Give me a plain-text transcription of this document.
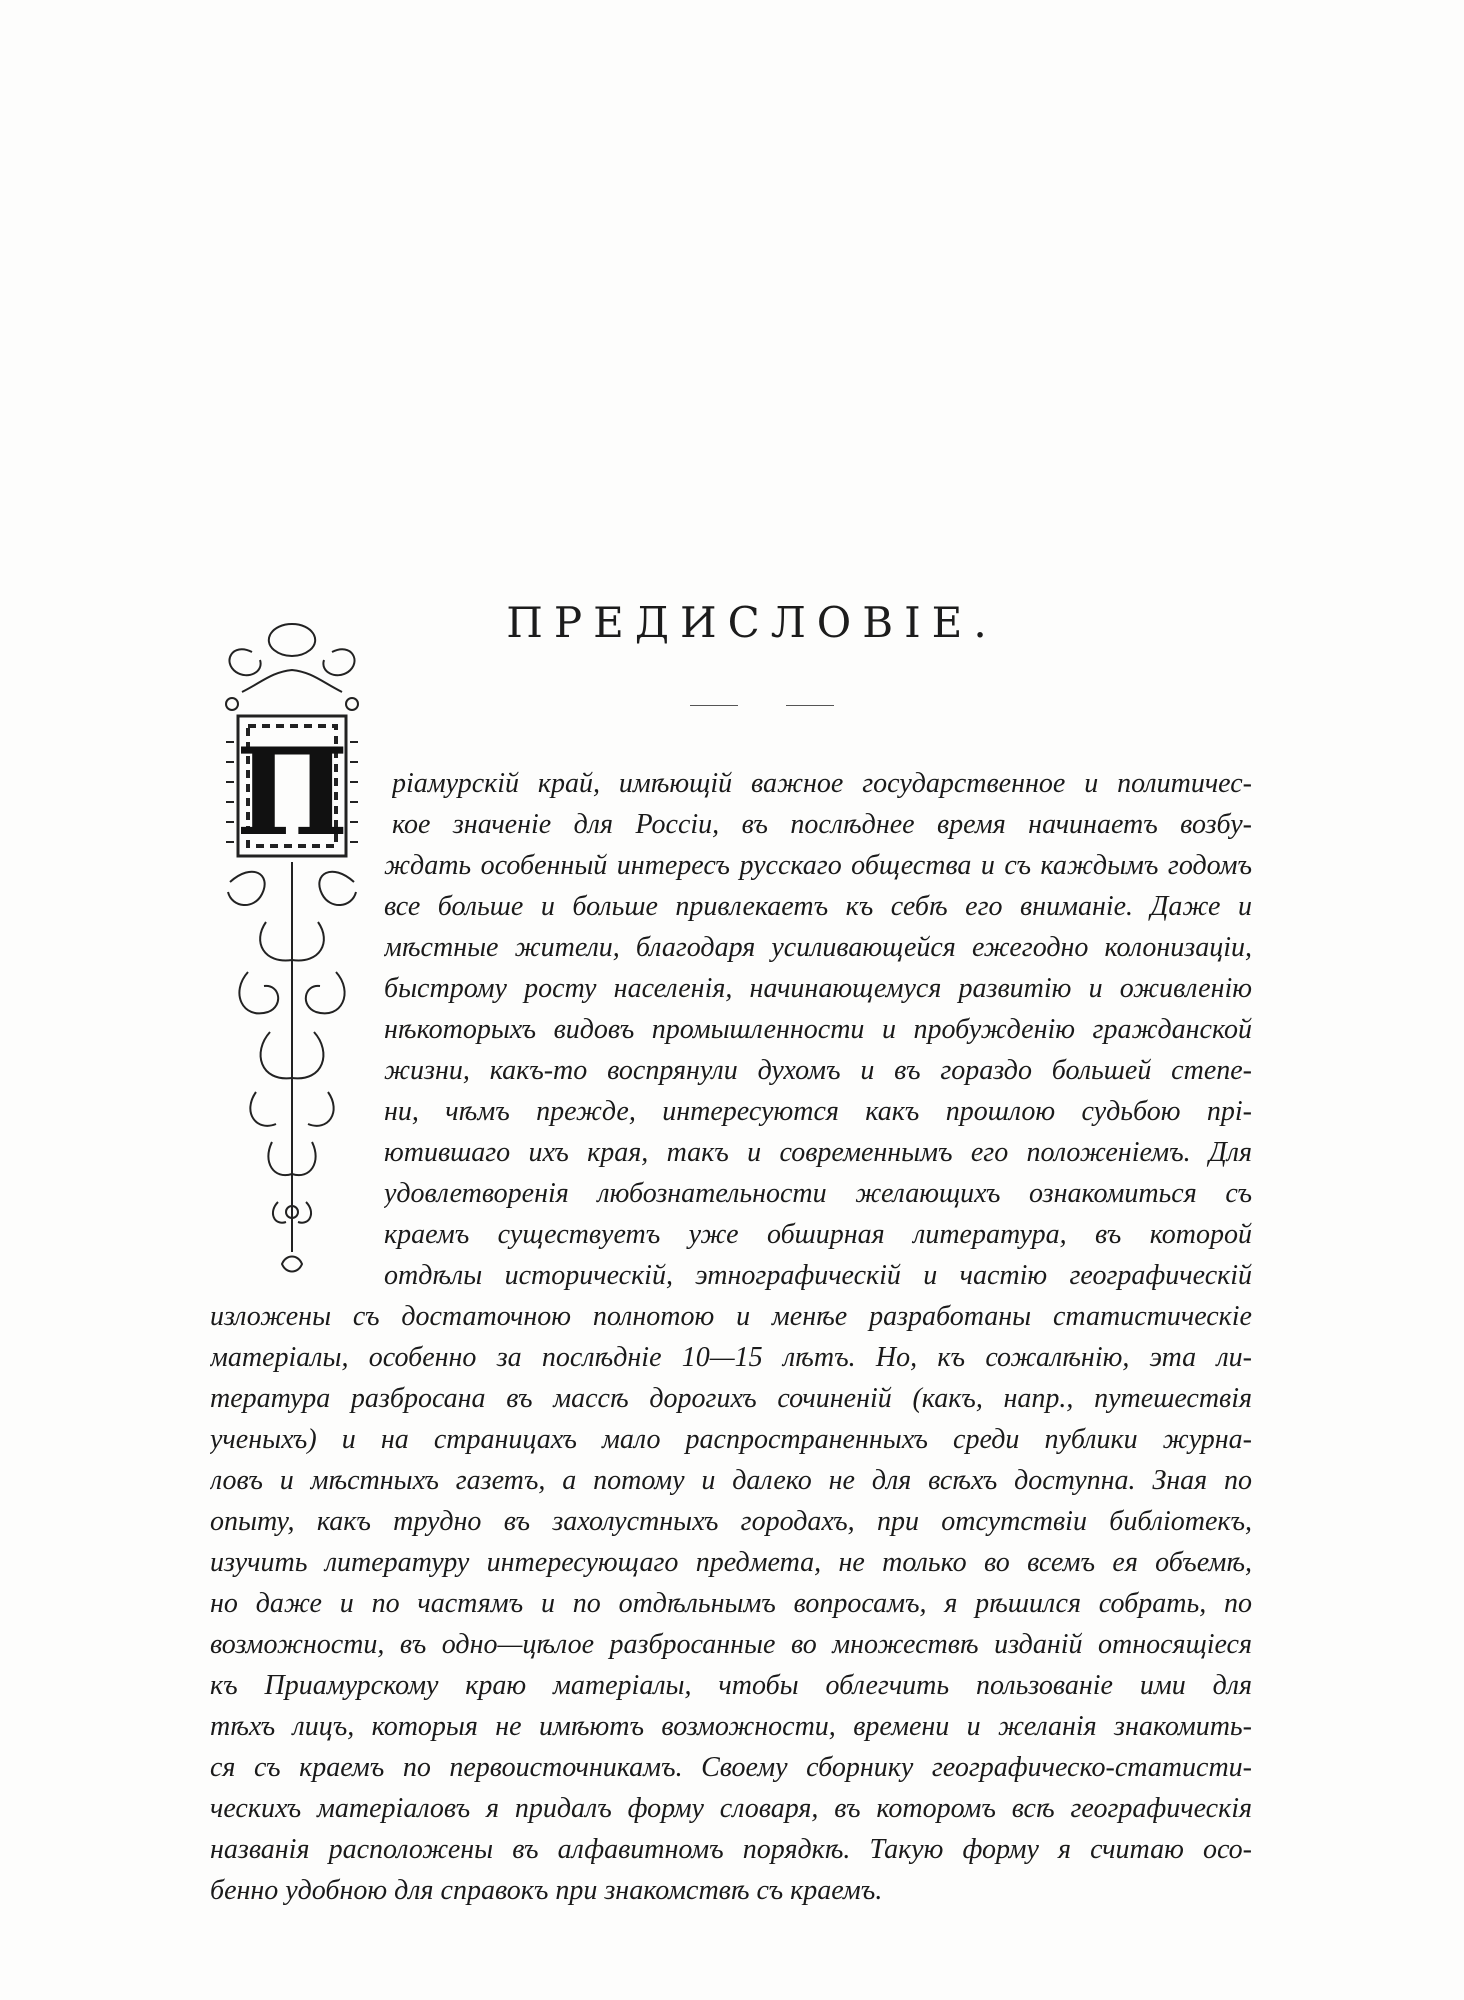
ПРЕДИСЛОВІЕ.
П ріамурскій край, имѣющій важное государственное и политичес-
кое значеніе для Россіи, въ послѣднее время начинаетъ возбу-
ждать особенный интересъ русскаго общества и съ каждымъ годомъ
все больше и больше привлекаетъ къ себѣ его вниманіе. Даже и
мѣстные жители, благодаря усиливающейся ежегодно колонизаціи,
быстрому росту населенія, начинающемуся развитію и оживленію
нѣкоторыхъ видовъ промышленности и пробужденію гражданской
жизни, какъ-то воспрянули духомъ и въ гораздо большей степе-
ни, чѣмъ прежде, интересуются какъ прошлою судьбою прі-
ютившаго ихъ края, такъ и современнымъ его положеніемъ. Для
удовлетворенія любознательности желающихъ ознакомиться съ
краемъ существуетъ уже обширная литература, въ которой
отдѣлы историческій, этнографическій и частію географическій
изложены съ достаточною полнотою и менѣе разработаны статистическіе
матеріалы, особенно за послѣдніе 10—15 лѣтъ. Но, къ сожалѣнію, эта ли-
тература разбросана въ массѣ дорогихъ сочиненій (какъ, напр., путешествія
ученыхъ) и на страницахъ мало распространенныхъ среди публики журна-
ловъ и мѣстныхъ газетъ, а потому и далеко не для всѣхъ доступна. Зная по
опыту, какъ трудно въ захолустныхъ городахъ, при отсутствіи библіотекъ,
изучить литературу интересующаго предмета, не только во всемъ ея объемѣ,
но даже и по частямъ и по отдѣльнымъ вопросамъ, я рѣшился собрать, по
возможности, въ одно—цѣлое разбросанные во множествѣ изданій относящіеся
къ Приамурскому краю матеріалы, чтобы облегчить пользованіе ими для
тѣхъ лицъ, которыя не имѣютъ возможности, времени и желанія знакомить-
ся съ краемъ по первоисточникамъ. Своему сборнику географическо-статисти-
ческихъ матеріаловъ я придалъ форму словаря, въ которомъ всѣ географическія
названія расположены въ алфавитномъ порядкѣ. Такую форму я считаю осо-
бенно удобною для справокъ при знакомствѣ съ краемъ.
